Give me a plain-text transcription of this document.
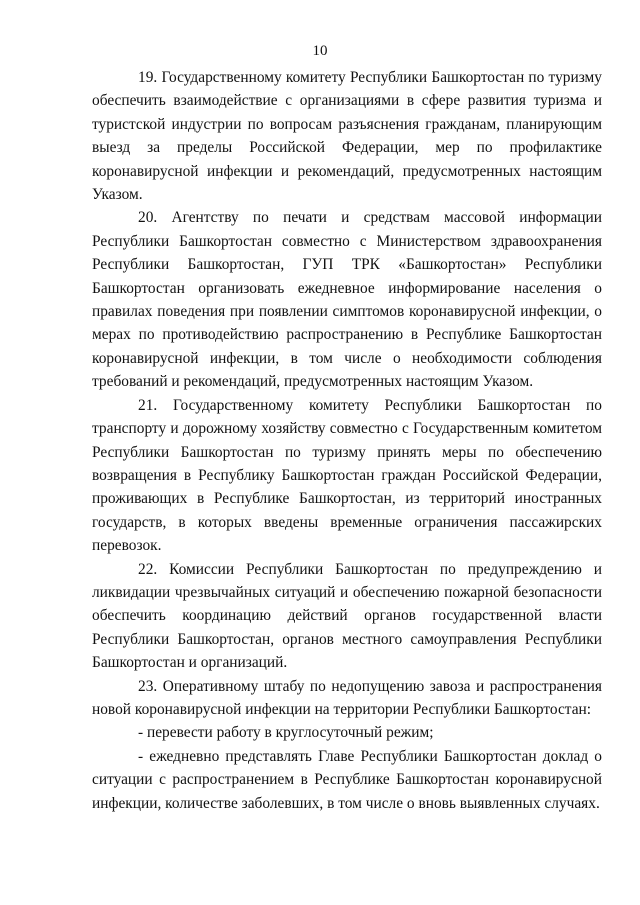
10

19. Государственному комитету Республики Башкортостан по туризму обеспечить взаимодействие с организациями в сфере развития туризма и туристской индустрии по вопросам разъяснения гражданам, планирующим выезд за пределы Российской Федерации, мер по профилактике коронавирусной инфекции и рекомендаций, предусмотренных настоящим Указом.

20. Агентству по печати и средствам массовой информации Республики Башкортостан совместно с Министерством здравоохранения Республики Башкортостан, ГУП ТРК «Башкортостан» Республики Башкортостан организовать ежедневное информирование населения о правилах поведения при появлении симптомов коронавирусной инфекции, о мерах по противодействию распространению в Республике Башкортостан коронавирусной инфекции, в том числе о необходимости соблюдения требований и рекомендаций, предусмотренных настоящим Указом.

21. Государственному комитету Республики Башкортостан по транспорту и дорожному хозяйству совместно с Государственным комитетом Республики Башкортостан по туризму принять меры по обеспечению возвращения в Республику Башкортостан граждан Российской Федерации, проживающих в Республике Башкортостан, из территорий иностранных государств, в которых введены временные ограничения пассажирских перевозок.

22. Комиссии Республики Башкортостан по предупреждению и ликвидации чрезвычайных ситуаций и обеспечению пожарной безопасности обеспечить координацию действий органов государственной власти Республики Башкортостан, органов местного самоуправления Республики Башкортостан и организаций.

23. Оперативному штабу по недопущению завоза и распространения новой коронавирусной инфекции на территории Республики Башкортостан:

- перевести работу в круглосуточный режим;

- ежедневно представлять Главе Республики Башкортостан доклад о ситуации с распространением в Республике Башкортостан коронавирусной инфекции, количестве заболевших, в том числе о вновь выявленных случаях.
